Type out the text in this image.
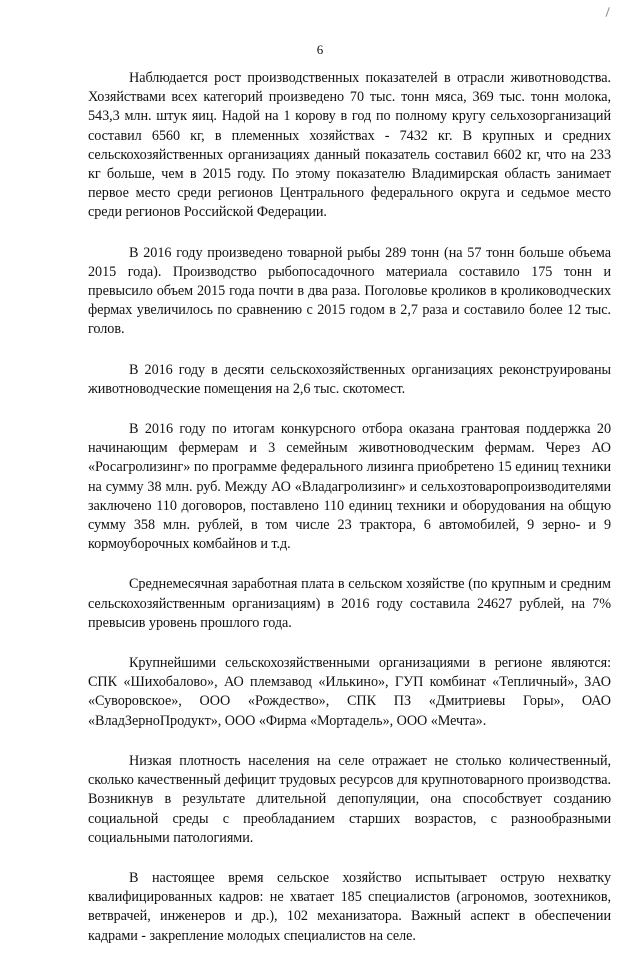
6

Наблюдается рост производственных показателей в отрасли животноводства. Хозяйствами всех категорий произведено 70 тыс. тонн мяса, 369 тыс. тонн молока, 543,3 млн. штук яиц. Надой на 1 корову в год по полному кругу сельхозорганизаций составил 6560 кг, в племенных хозяйствах - 7432 кг. В крупных и средних сельскохозяйственных организациях данный показатель составил 6602 кг, что на 233 кг больше, чем в 2015 году. По этому показателю Владимирская область занимает первое место среди регионов Центрального федерального округа и седьмое место среди регионов Российской Федерации.

В 2016 году произведено товарной рыбы 289 тонн (на 57 тонн больше объема 2015 года). Производство рыбопосадочного материала составило 175 тонн и превысило объем 2015 года почти в два раза. Поголовье кроликов в кролиководческих фермах увеличилось по сравнению с 2015 годом в 2,7 раза и составило более 12 тыс. голов.

В 2016 году в десяти сельскохозяйственных организациях реконструированы животноводческие помещения на 2,6 тыс. скотомест.

В 2016 году по итогам конкурсного отбора оказана грантовая поддержка 20 начинающим фермерам и 3 семейным животноводческим фермам. Через АО «Росагролизинг» по программе федерального лизинга приобретено 15 единиц техники на сумму 38 млн. руб. Между АО «Владагролизинг» и сельхозтоваропроизводителями заключено 110 договоров, поставлено 110 единиц техники и оборудования на общую сумму 358 млн. рублей, в том числе 23 трактора, 6 автомобилей, 9 зерно- и 9 кормоуборочных комбайнов и т.д.

Среднемесячная заработная плата в сельском хозяйстве (по крупным и средним сельскохозяйственным организациям) в 2016 году составила 24627 рублей, на 7% превысив уровень прошлого года.

Крупнейшими сельскохозяйственными организациями в регионе являются: СПК «Шихобалово», АО племзавод «Илькино», ГУП комбинат «Тепличный», ЗАО «Суворовское», ООО «Рождество», СПК ПЗ «Дмитриевы Горы», ОАО «ВладЗерноПродукт», ООО «Фирма «Мортадель», ООО «Мечта».

Низкая плотность населения на селе отражает не столько количественный, сколько качественный дефицит трудовых ресурсов для крупнотоварного производства. Возникнув в результате длительной депопуляции, она способствует созданию социальной среды с преобладанием старших возрастов, с разнообразными социальными патологиями.

В настоящее время сельское хозяйство испытывает острую нехватку квалифицированных кадров: не хватает 185 специалистов (агрономов, зоотехников, ветврачей, инженеров и др.), 102 механизатора. Важный аспект в обеспечении кадрами - закрепление молодых специалистов на селе.
